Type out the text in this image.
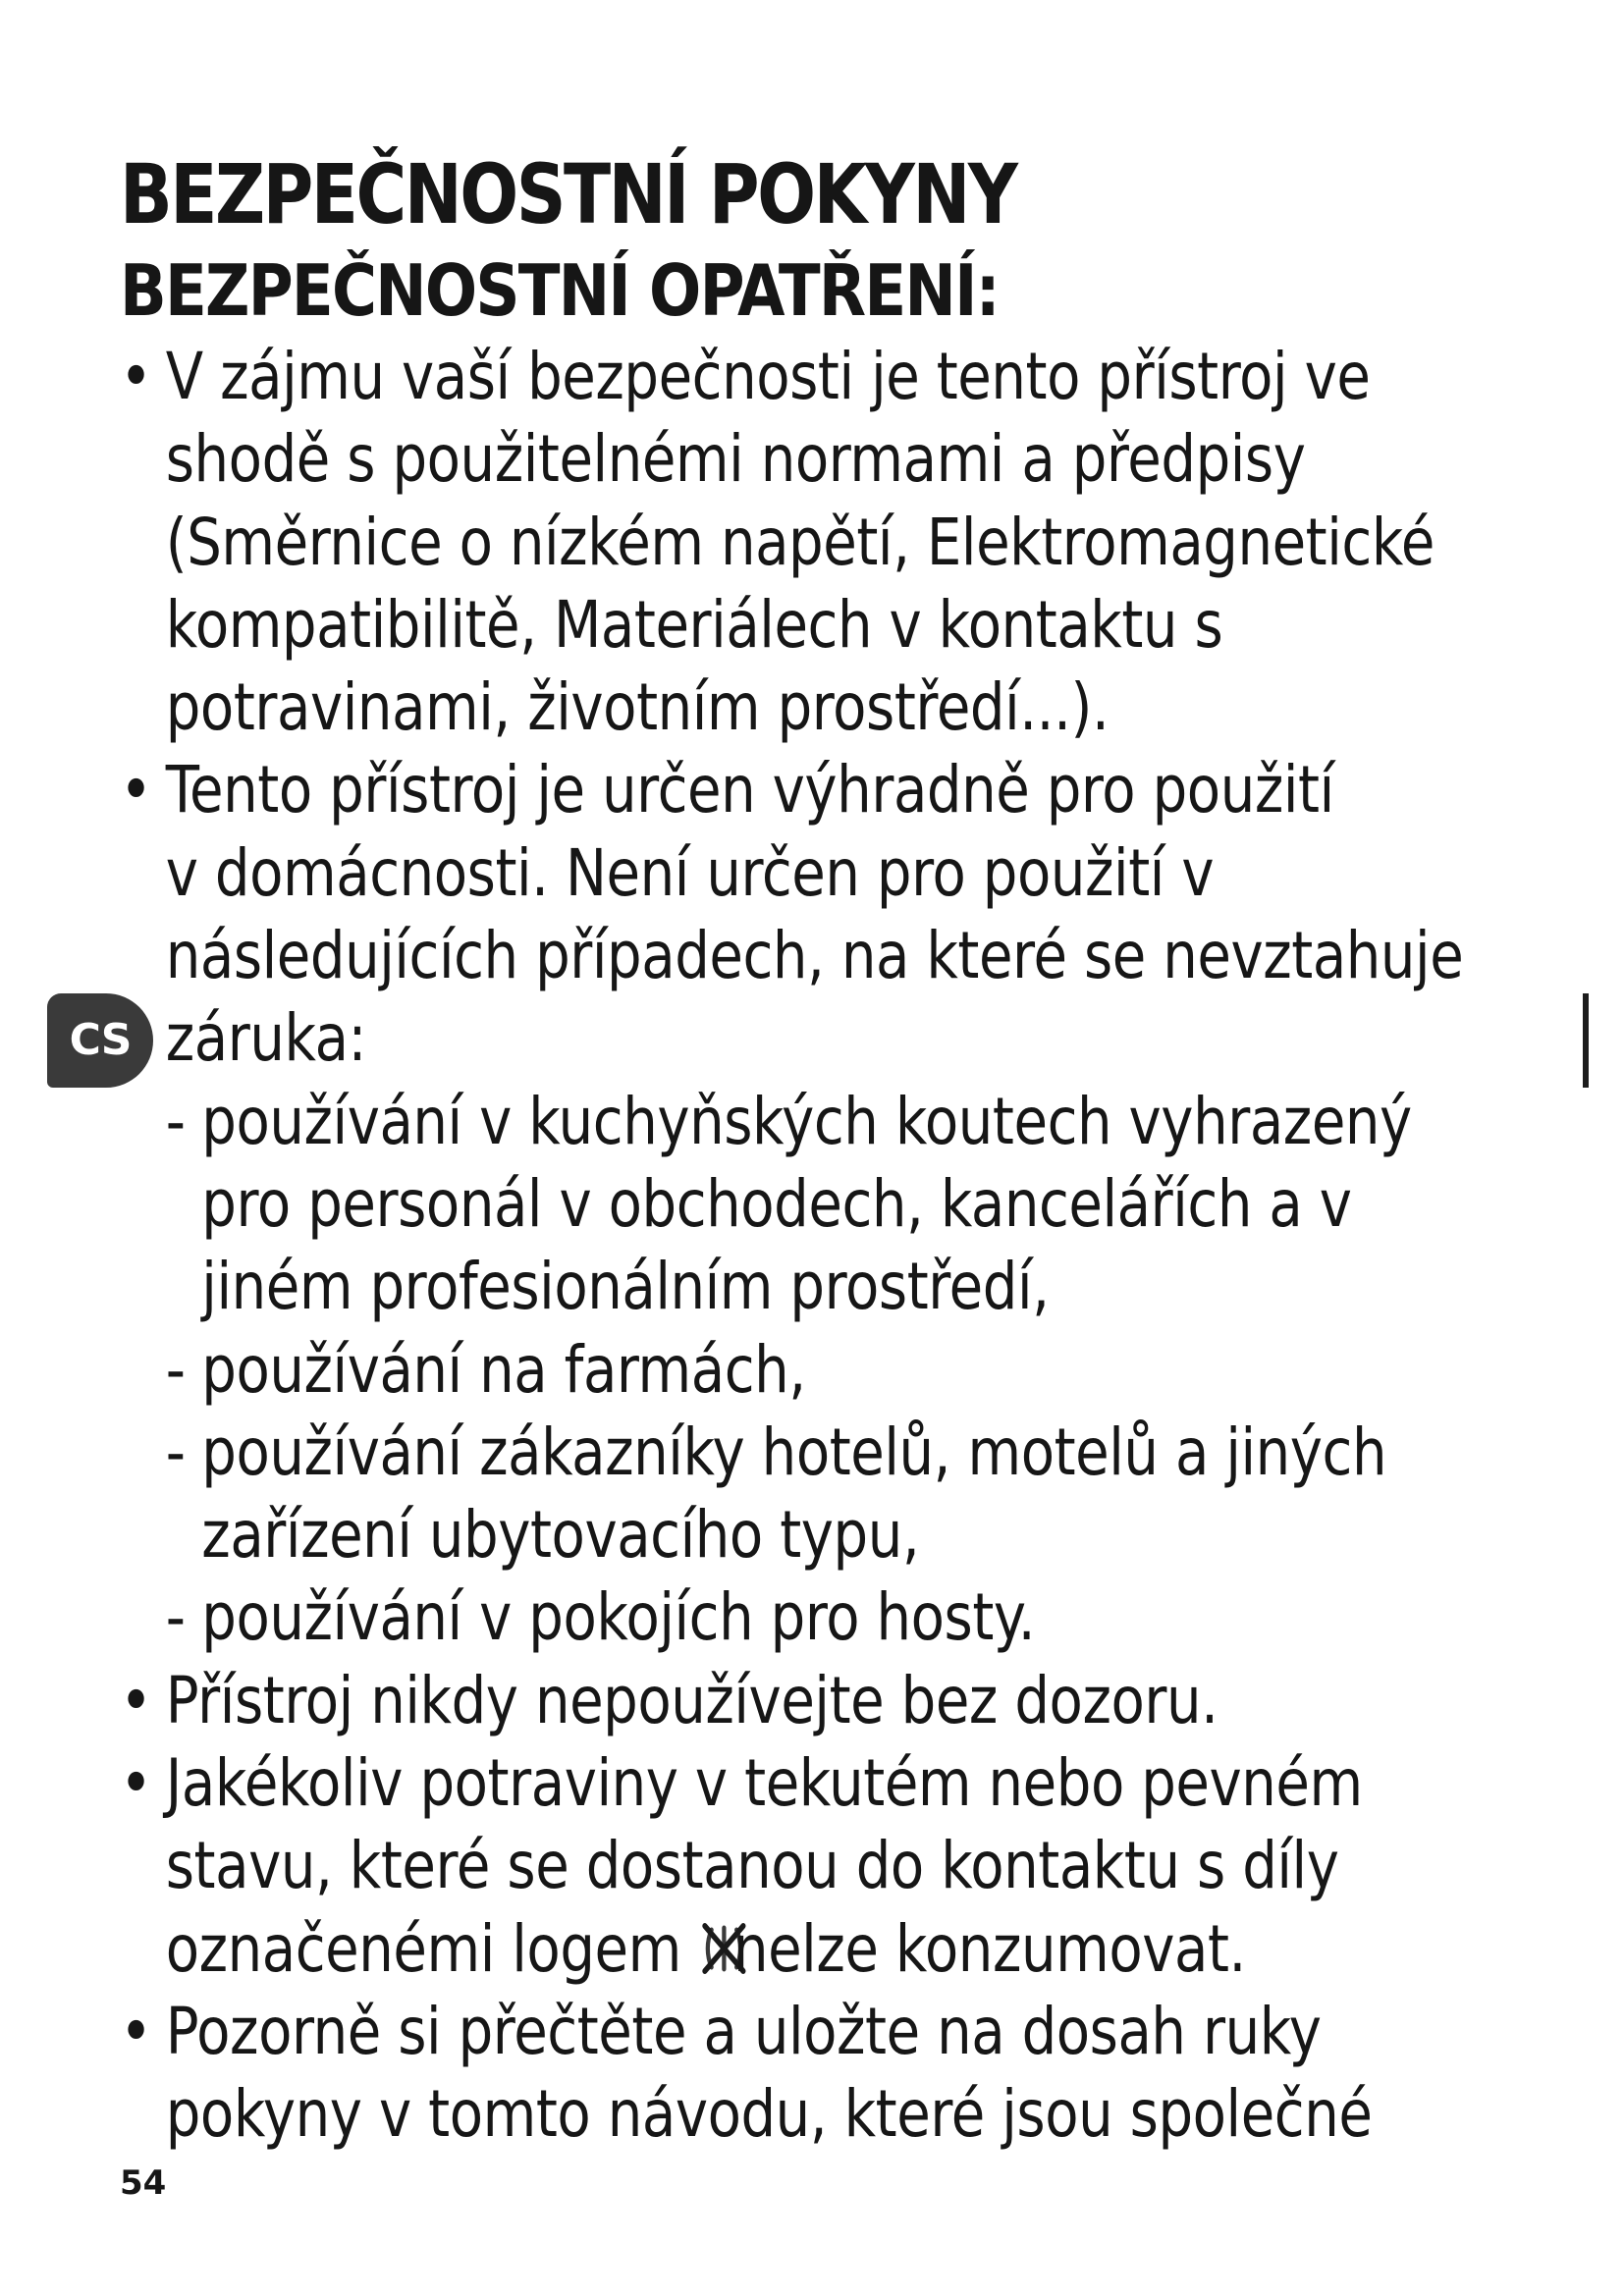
BEZPEČNOSTNÍ POKYNY
BEZPEČNOSTNÍ OPATŘENÍ:
CS
• V zájmu vaší bezpečnosti je tento přístroj ve
shodě s použitelnémi normami a předpisy
(Směrnice o nízkém napětí, Elektromagnetické
kompatibilitě, Materiálech v kontaktu s
potravinami, životním prostředí...).
• Tento přístroj je určen výhradně pro použití
v domácnosti. Není určen pro použití v
následujících případech, na které se nevztahuje
záruka:
- používání v kuchyňských koutech vyhrazený
pro personál v obchodech, kancelářích a v
jiném profesionálním prostředí,
- používání na farmách,
- používání zákazníky hotelů, motelů a jiných
zařízení ubytovacího typu,
- používání v pokojích pro hosty.
• Přístroj nikdy nepoužívejte bez dozoru.
• Jakékoliv potraviny v tekutém nebo pevném
stavu, které se dostanou do kontaktu s díly
označenémi logem nelze konzumovat.
• Pozorně si přečtěte a uložte na dosah ruky
pokyny v tomto návodu, které jsou společné
54
